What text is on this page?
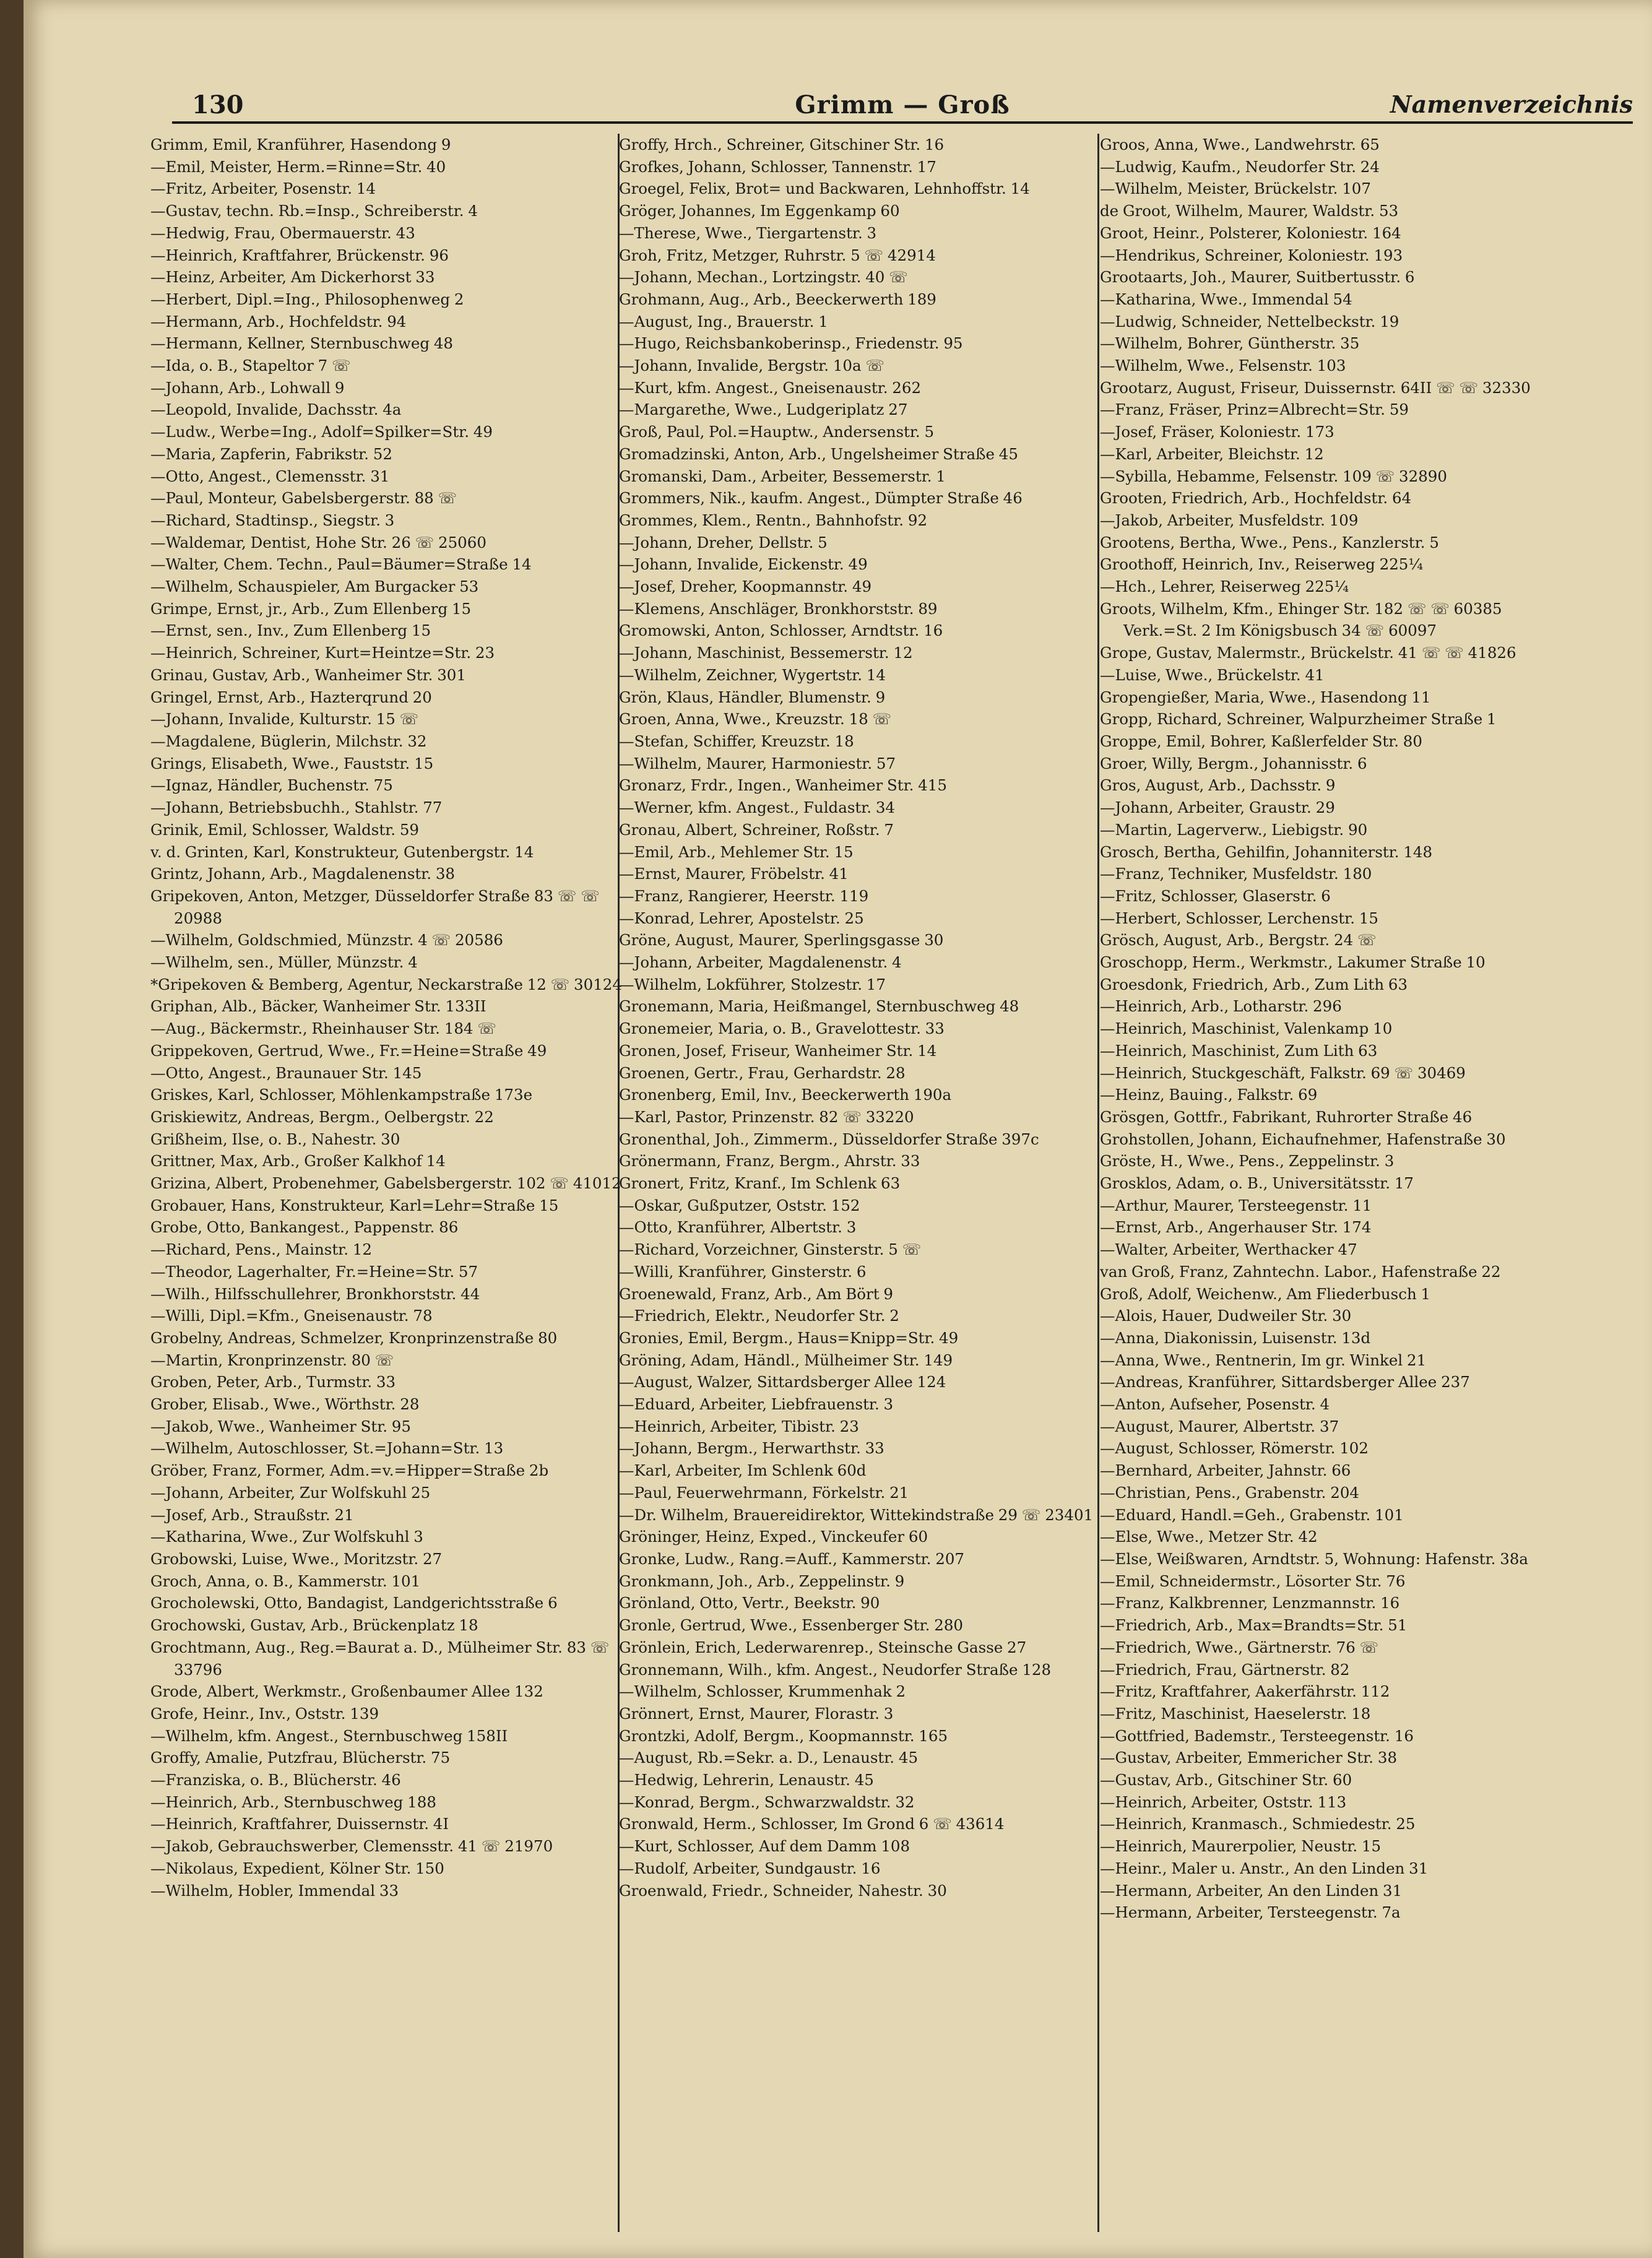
130	Grimm — Groß	Namenverzeichnis
Grimm, Emil, Kranführer, Hasendong 9
—Emil, Meister, Herm.=Rinne=Str. 40
—Fritz, Arbeiter, Posenstr. 14
—Gustav, techn. Rb.=Insp., Schreiberstr. 4
—Hedwig, Frau, Obermauerstr. 43
—Heinrich, Kraftfahrer, Brückenstr. 96
—Heinz, Arbeiter, Am Dickerhorst 33
—Herbert, Dipl.=Ing., Philosophenweg 2
—Hermann, Arb., Hochfeldstr. 94
—Hermann, Kellner, Sternbuschweg 48
—Ida, o. B., Stapeltor 7 ☏
—Johann, Arb., Lohwall 9
—Leopold, Invalide, Dachsstr. 4a
—Ludw., Werbe=Ing., Adolf=Spilker=Str. 49
—Maria, Zapferin, Fabrikstr. 52
—Otto, Angest., Clemensstr. 31
—Paul, Monteur, Gabelsbergerstr. 88 ☏
—Richard, Stadtinsp., Siegstr. 3
—Waldemar, Dentist, Hohe Str. 26 ☏ 25060
—Walter, Chem. Techn., Paul=Bäumer=Straße 14
—Wilhelm, Schauspieler, Am Burgacker 53
Grimpe, Ernst, jr., Arb., Zum Ellenberg 15
—Ernst, sen., Inv., Zum Ellenberg 15
—Heinrich, Schreiner, Kurt=Heintze=Str. 23
Grinau, Gustav, Arb., Wanheimer Str. 301
Gringel, Ernst, Arb., Hazterqrund 20
—Johann, Invalide, Kulturstr. 15 ☏
—Magdalene, Büglerin, Milchstr. 32
Grings, Elisabeth, Wwe., Fauststr. 15
—Ignaz, Händler, Buchenstr. 75
—Johann, Betriebsbuchh., Stahlstr. 77
Grinik, Emil, Schlosser, Waldstr. 59
v. d. Grinten, Karl, Konstrukteur, Gutenbergstr. 14
Grintz, Johann, Arb., Magdalenenstr. 38
Gripekoven, Anton, Metzger, Düsseldorfer Straße 83 ☏ ☏ 20988
—Wilhelm, Goldschmied, Münzstr. 4 ☏ 20586
—Wilhelm, sen., Müller, Münzstr. 4
*Gripekoven & Bemberg, Agentur, Neckarstraße 12 ☏ 30124
Griphan, Alb., Bäcker, Wanheimer Str. 133II
—Aug., Bäckermstr., Rheinhauser Str. 184 ☏
Grippekoven, Gertrud, Wwe., Fr.=Heine=Straße 49
—Otto, Angest., Braunauer Str. 145
Griskes, Karl, Schlosser, Möhlenkampstraße 173e
Griskiewitz, Andreas, Bergm., Oelbergstr. 22
Grißheim, Ilse, o. B., Nahestr. 30
Grittner, Max, Arb., Großer Kalkhof 14
Grizina, Albert, Probenehmer, Gabelsbergerstr. 102 ☏ 41012
Grobauer, Hans, Konstrukteur, Karl=Lehr=Straße 15
Grobe, Otto, Bankangest., Pappenstr. 86
—Richard, Pens., Mainstr. 12
—Theodor, Lagerhalter, Fr.=Heine=Str. 57
—Wilh., Hilfsschullehrer, Bronkhorststr. 44
—Willi, Dipl.=Kfm., Gneisenaustr. 78
Grobelny, Andreas, Schmelzer, Kronprinzenstraße 80
—Martin, Kronprinzenstr. 80 ☏
Groben, Peter, Arb., Turmstr. 33
Grober, Elisab., Wwe., Wörthstr. 28
—Jakob, Wwe., Wanheimer Str. 95
—Wilhelm, Autoschlosser, St.=Johann=Str. 13
Gröber, Franz, Former, Adm.=v.=Hipper=Straße 2b
—Johann, Arbeiter, Zur Wolfskuhl 25
—Josef, Arb., Straußstr. 21
—Katharina, Wwe., Zur Wolfskuhl 3
Grobowski, Luise, Wwe., Moritzstr. 27
Groch, Anna, o. B., Kammerstr. 101
Grocholewski, Otto, Bandagist, Landgerichtsstraße 6
Grochowski, Gustav, Arb., Brückenplatz 18
Grochtmann, Aug., Reg.=Baurat a. D., Mülheimer Str. 83 ☏ 33796
Grode, Albert, Werkmstr., Großenbaumer Allee 132
Grofe, Heinr., Inv., Oststr. 139
—Wilhelm, kfm. Angest., Sternbuschweg 158II
Groffy, Amalie, Putzfrau, Blücherstr. 75
—Franziska, o. B., Blücherstr. 46
—Heinrich, Arb., Sternbuschweg 188
—Heinrich, Kraftfahrer, Duissernstr. 4I
—Jakob, Gebrauchswerber, Clemensstr. 41 ☏ 21970
—Nikolaus, Expedient, Kölner Str. 150
—Wilhelm, Hobler, Immendal 33
Groffy, Hrch., Schreiner, Gitschiner Str. 16
Grofkes, Johann, Schlosser, Tannenstr. 17
Groegel, Felix, Brot= und Backwaren, Lehnhoffstr. 14
Gröger, Johannes, Im Eggenkamp 60
—Therese, Wwe., Tiergartenstr. 3
Groh, Fritz, Metzger, Ruhrstr. 5 ☏ 42914
—Johann, Mechan., Lortzingstr. 40 ☏
Grohmann, Aug., Arb., Beeckerwerth 189
—August, Ing., Brauerstr. 1
—Hugo, Reichsbankoberinsp., Friedenstr. 95
—Johann, Invalide, Bergstr. 10a ☏
—Kurt, kfm. Angest., Gneisenaustr. 262
—Margarethe, Wwe., Ludgeriplatz 27
Groß, Paul, Pol.=Hauptw., Andersenstr. 5
Gromadzinski, Anton, Arb., Ungelsheimer Straße 45
Gromanski, Dam., Arbeiter, Bessemerstr. 1
Grommers, Nik., kaufm. Angest., Dümpter Straße 46
Grommes, Klem., Rentn., Bahnhofstr. 92
—Johann, Dreher, Dellstr. 5
—Johann, Invalide, Eickenstr. 49
—Josef, Dreher, Koopmannstr. 49
—Klemens, Anschläger, Bronkhorststr. 89
Gromowski, Anton, Schlosser, Arndtstr. 16
—Johann, Maschinist, Bessemerstr. 12
—Wilhelm, Zeichner, Wygertstr. 14
Grön, Klaus, Händler, Blumenstr. 9
Groen, Anna, Wwe., Kreuzstr. 18 ☏
—Stefan, Schiffer, Kreuzstr. 18
—Wilhelm, Maurer, Harmoniestr. 57
Gronarz, Frdr., Ingen., Wanheimer Str. 415
—Werner, kfm. Angest., Fuldastr. 34
Gronau, Albert, Schreiner, Roßstr. 7
—Emil, Arb., Mehlemer Str. 15
—Ernst, Maurer, Fröbelstr. 41
—Franz, Rangierer, Heerstr. 119
—Konrad, Lehrer, Apostelstr. 25
Gröne, August, Maurer, Sperlingsgasse 30
—Johann, Arbeiter, Magdalenenstr. 4
—Wilhelm, Lokführer, Stolzestr. 17
Gronemann, Maria, Heißmangel, Sternbuschweg 48
Gronemeier, Maria, o. B., Gravelottestr. 33
Gronen, Josef, Friseur, Wanheimer Str. 14
Groenen, Gertr., Frau, Gerhardstr. 28
Gronenberg, Emil, Inv., Beeckerwerth 190a
—Karl, Pastor, Prinzenstr. 82 ☏ 33220
Gronenthal, Joh., Zimmerm., Düsseldorfer Straße 397c
Grönermann, Franz, Bergm., Ahrstr. 33
Gronert, Fritz, Kranf., Im Schlenk 63
—Oskar, Gußputzer, Oststr. 152
—Otto, Kranführer, Albertstr. 3
—Richard, Vorzeichner, Ginsterstr. 5 ☏
—Willi, Kranführer, Ginsterstr. 6
Groenewald, Franz, Arb., Am Bört 9
—Friedrich, Elektr., Neudorfer Str. 2
Gronies, Emil, Bergm., Haus=Knipp=Str. 49
Gröning, Adam, Händl., Mülheimer Str. 149
—August, Walzer, Sittardsberger Allee 124
—Eduard, Arbeiter, Liebfrauenstr. 3
—Heinrich, Arbeiter, Tibistr. 23
—Johann, Bergm., Herwarthstr. 33
—Karl, Arbeiter, Im Schlenk 60d
—Paul, Feuerwehrmann, Förkelstr. 21
—Dr. Wilhelm, Brauereidirektor, Wittekindstraße 29 ☏ 23401
Gröninger, Heinz, Exped., Vinckeufer 60
Gronke, Ludw., Rang.=Auff., Kammerstr. 207
Gronkmann, Joh., Arb., Zeppelinstr. 9
Grönland, Otto, Vertr., Beekstr. 90
Gronle, Gertrud, Wwe., Essenberger Str. 280
Grönlein, Erich, Lederwarenrep., Steinsche Gasse 27
Gronnemann, Wilh., kfm. Angest., Neudorfer Straße 128
—Wilhelm, Schlosser, Krummenhak 2
Grönnert, Ernst, Maurer, Florastr. 3
Grontzki, Adolf, Bergm., Koopmannstr. 165
—August, Rb.=Sekr. a. D., Lenaustr. 45
—Hedwig, Lehrerin, Lenaustr. 45
—Konrad, Bergm., Schwarzwaldstr. 32
Gronwald, Herm., Schlosser, Im Grond 6 ☏ 43614
—Kurt, Schlosser, Auf dem Damm 108
—Rudolf, Arbeiter, Sundgaustr. 16
Groenwald, Friedr., Schneider, Nahestr. 30
Groos, Anna, Wwe., Landwehrstr. 65
—Ludwig, Kaufm., Neudorfer Str. 24
—Wilhelm, Meister, Brückelstr. 107
de Groot, Wilhelm, Maurer, Waldstr. 53
Groot, Heinr., Polsterer, Koloniestr. 164
—Hendrikus, Schreiner, Koloniestr. 193
Grootaarts, Joh., Maurer, Suitbertusstr. 6
—Katharina, Wwe., Immendal 54
—Ludwig, Schneider, Nettelbeckstr. 19
—Wilhelm, Bohrer, Güntherstr. 35
—Wilhelm, Wwe., Felsenstr. 103
Grootarz, August, Friseur, Duissernstr. 64II ☏ ☏ 32330
—Franz, Fräser, Prinz=Albrecht=Str. 59
—Josef, Fräser, Koloniestr. 173
—Karl, Arbeiter, Bleichstr. 12
—Sybilla, Hebamme, Felsenstr. 109 ☏ 32890
Grooten, Friedrich, Arb., Hochfeldstr. 64
—Jakob, Arbeiter, Musfeldstr. 109
Grootens, Bertha, Wwe., Pens., Kanzlerstr. 5
Groothoff, Heinrich, Inv., Reiserweg 225¼
—Hch., Lehrer, Reiserweg 225¼
Groots, Wilhelm, Kfm., Ehinger Str. 182 ☏ ☏ 60385 Verk.=St. 2 Im Königsbusch 34 ☏ 60097
Grope, Gustav, Malermstr., Brückelstr. 41 ☏ ☏ 41826
—Luise, Wwe., Brückelstr. 41
Gropengießer, Maria, Wwe., Hasendong 11
Gropp, Richard, Schreiner, Walpurzheimer Straße 1
Groppe, Emil, Bohrer, Kaßlerfelder Str. 80
Groer, Willy, Bergm., Johannisstr. 6
Gros, August, Arb., Dachsstr. 9
—Johann, Arbeiter, Graustr. 29
—Martin, Lagerverw., Liebigstr. 90
Grosch, Bertha, Gehilfin, Johanniterstr. 148
—Franz, Techniker, Musfeldstr. 180
—Fritz, Schlosser, Glaserstr. 6
—Herbert, Schlosser, Lerchenstr. 15
Grösch, August, Arb., Bergstr. 24 ☏
Groschopp, Herm., Werkmstr., Lakumer Straße 10
Groesdonk, Friedrich, Arb., Zum Lith 63
—Heinrich, Arb., Lotharstr. 296
—Heinrich, Maschinist, Valenkamp 10
—Heinrich, Maschinist, Zum Lith 63
—Heinrich, Stuckgeschäft, Falkstr. 69 ☏ 30469
—Heinz, Bauing., Falkstr. 69
Grösgen, Gottfr., Fabrikant, Ruhrorter Straße 46
Grohstollen, Johann, Eichaufnehmer, Hafenstraße 30
Gröste, H., Wwe., Pens., Zeppelinstr. 3
Grosklos, Adam, o. B., Universitätsstr. 17
—Arthur, Maurer, Tersteegenstr. 11
—Ernst, Arb., Angerhauser Str. 174
—Walter, Arbeiter, Werthacker 47
van Groß, Franz, Zahntechn. Labor., Hafenstraße 22
Groß, Adolf, Weichenw., Am Fliederbusch 1
—Alois, Hauer, Dudweiler Str. 30
—Anna, Diakonissin, Luisenstr. 13d
—Anna, Wwe., Rentnerin, Im gr. Winkel 21
—Andreas, Kranführer, Sittardsberger Allee 237
—Anton, Aufseher, Posenstr. 4
—August, Maurer, Albertstr. 37
—August, Schlosser, Römerstr. 102
—Bernhard, Arbeiter, Jahnstr. 66
—Christian, Pens., Grabenstr. 204
—Eduard, Handl.=Geh., Grabenstr. 101
—Else, Wwe., Metzer Str. 42
—Else, Weißwaren, Arndtstr. 5, Wohnung: Hafenstr. 38a
—Emil, Schneidermstr., Lösorter Str. 76
—Franz, Kalkbrenner, Lenzmannstr. 16
—Friedrich, Arb., Max=Brandts=Str. 51
—Friedrich, Wwe., Gärtnerstr. 76 ☏
—Friedrich, Frau, Gärtnerstr. 82
—Fritz, Kraftfahrer, Aakerfährstr. 112
—Fritz, Maschinist, Haeselerstr. 18
—Gottfried, Bademstr., Tersteegenstr. 16
—Gustav, Arbeiter, Emmericher Str. 38
—Gustav, Arb., Gitschiner Str. 60
—Heinrich, Arbeiter, Oststr. 113
—Heinrich, Kranmasch., Schmiedestr. 25
—Heinrich, Maurerpolier, Neustr. 15
—Heinr., Maler u. Anstr., An den Linden 31
—Hermann, Arbeiter, An den Linden 31
—Hermann, Arbeiter, Tersteegenstr. 7a
